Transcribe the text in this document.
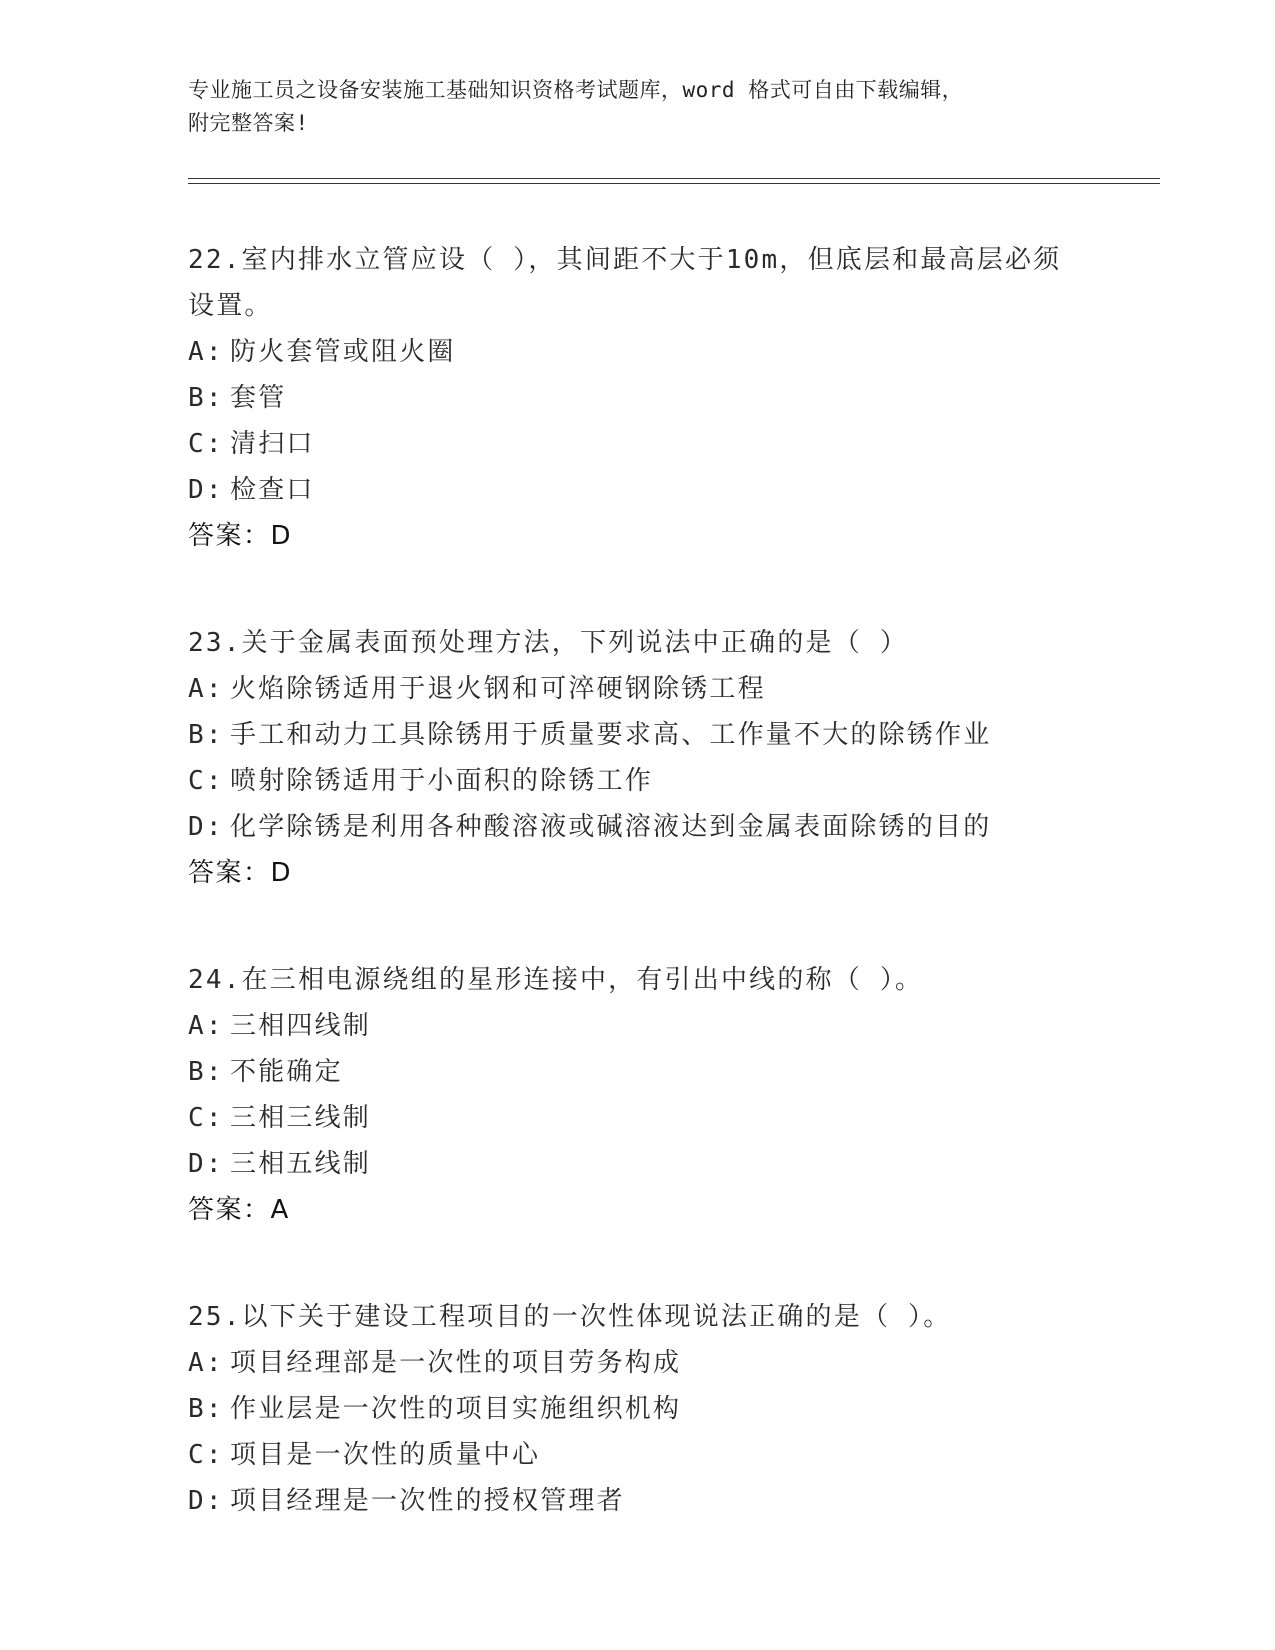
专业施工员之设备安装施工基础知识资格考试题库，word 格式可自由下载编辑，
附完整答案!

22.室内排水立管应设（ ），其间距不大于10m，但底层和最高层必须设置。

A: 防火套管或阻火圈
B: 套管
C: 清扫口
D: 检查口
答案：D

23.关于金属表面预处理方法，下列说法中正确的是（ ）

A: 火焰除锈适用于退火钢和可淬硬钢除锈工程
B: 手工和动力工具除锈用于质量要求高、工作量不大的除锈作业
C: 喷射除锈适用于小面积的除锈工作
D: 化学除锈是利用各种酸溶液或碱溶液达到金属表面除锈的目的
答案：D

24.在三相电源绕组的星形连接中，有引出中线的称（ ）。

A: 三相四线制
B: 不能确定
C: 三相三线制
D: 三相五线制
答案：A

25.以下关于建设工程项目的一次性体现说法正确的是（ ）。

A: 项目经理部是一次性的项目劳务构成
B: 作业层是一次性的项目实施组织机构
C: 项目是一次性的质量中心
D: 项目经理是一次性的授权管理者
